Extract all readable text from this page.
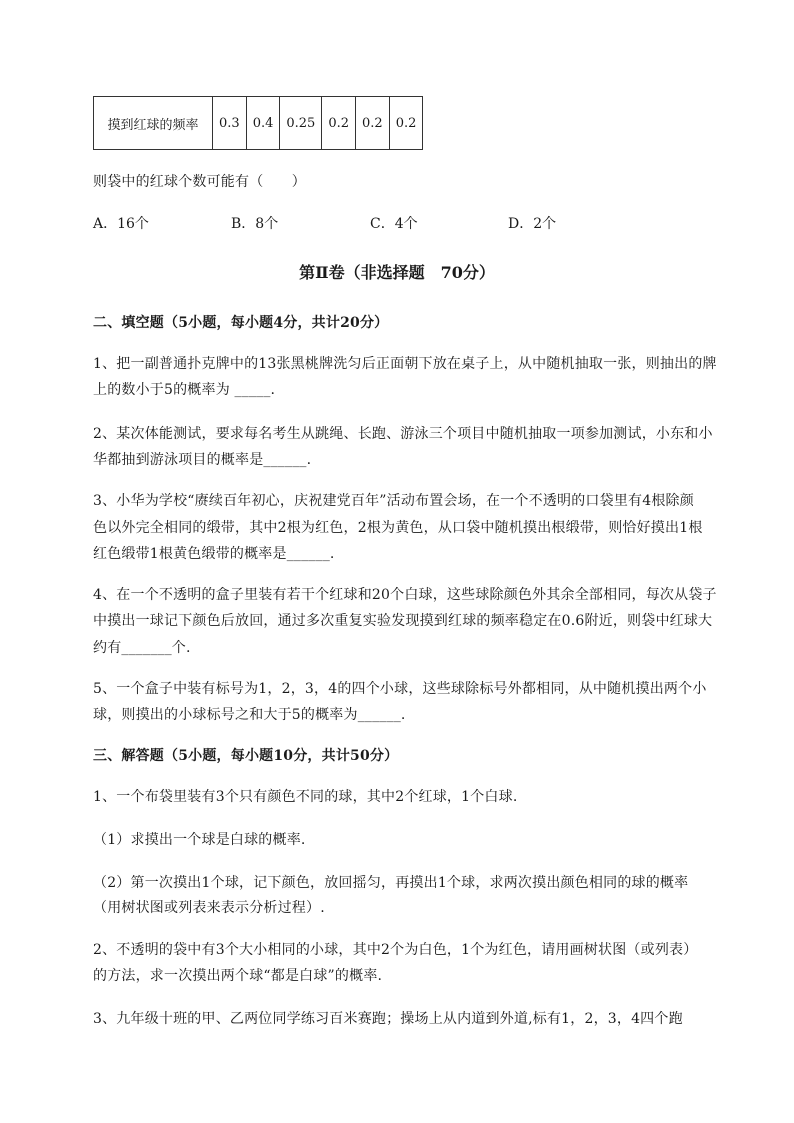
摸到红球的频率	0.3	0.4	0.25	0.2	0.2	0.2
则袋中的红球个数可能有（　　）
A．16个	B．8个	C．4个	D．2个
第Ⅱ卷（非选择题　70分）
二、填空题（5小题，每小题4分，共计20分）
1、把一副普通扑克牌中的13张黑桃牌洗匀后正面朝下放在桌子上，从中随机抽取一张，则抽出的牌
上的数小于5的概率为 _____.
2、某次体能测试，要求每名考生从跳绳、长跑、游泳三个项目中随机抽取一项参加测试，小东和小
华都抽到游泳项目的概率是______.
3、小华为学校“赓续百年初心，庆祝建党百年”活动布置会场，在一个不透明的口袋里有4根除颜
色以外完全相同的缎带，其中2根为红色，2根为黄色，从口袋中随机摸出根缎带，则恰好摸出1根
红色缎带1根黄色缎带的概率是______.
4、在一个不透明的盒子里装有若干个红球和20个白球，这些球除颜色外其余全部相同，每次从袋子
中摸出一球记下颜色后放回，通过多次重复实验发现摸到红球的频率稳定在0.6附近，则袋中红球大
约有_______个.
5、一个盒子中装有标号为1，2，3，4的四个小球，这些球除标号外都相同，从中随机摸出两个小
球，则摸出的小球标号之和大于5的概率为______.
三、解答题（5小题，每小题10分，共计50分）
1、一个布袋里装有3个只有颜色不同的球，其中2个红球，1个白球.
（1）求摸出一个球是白球的概率.
（2）第一次摸出1个球，记下颜色，放回摇匀，再摸出1个球，求两次摸出颜色相同的球的概率
（用树状图或列表来表示分析过程）.
2、不透明的袋中有3个大小相同的小球，其中2个为白色，1个为红色，请用画树状图（或列表）
的方法，求一次摸出两个球“都是白球”的概率.
3、九年级十班的甲、乙两位同学练习百米赛跑；操场上从内道到外道,标有1，2，3，4四个跑
